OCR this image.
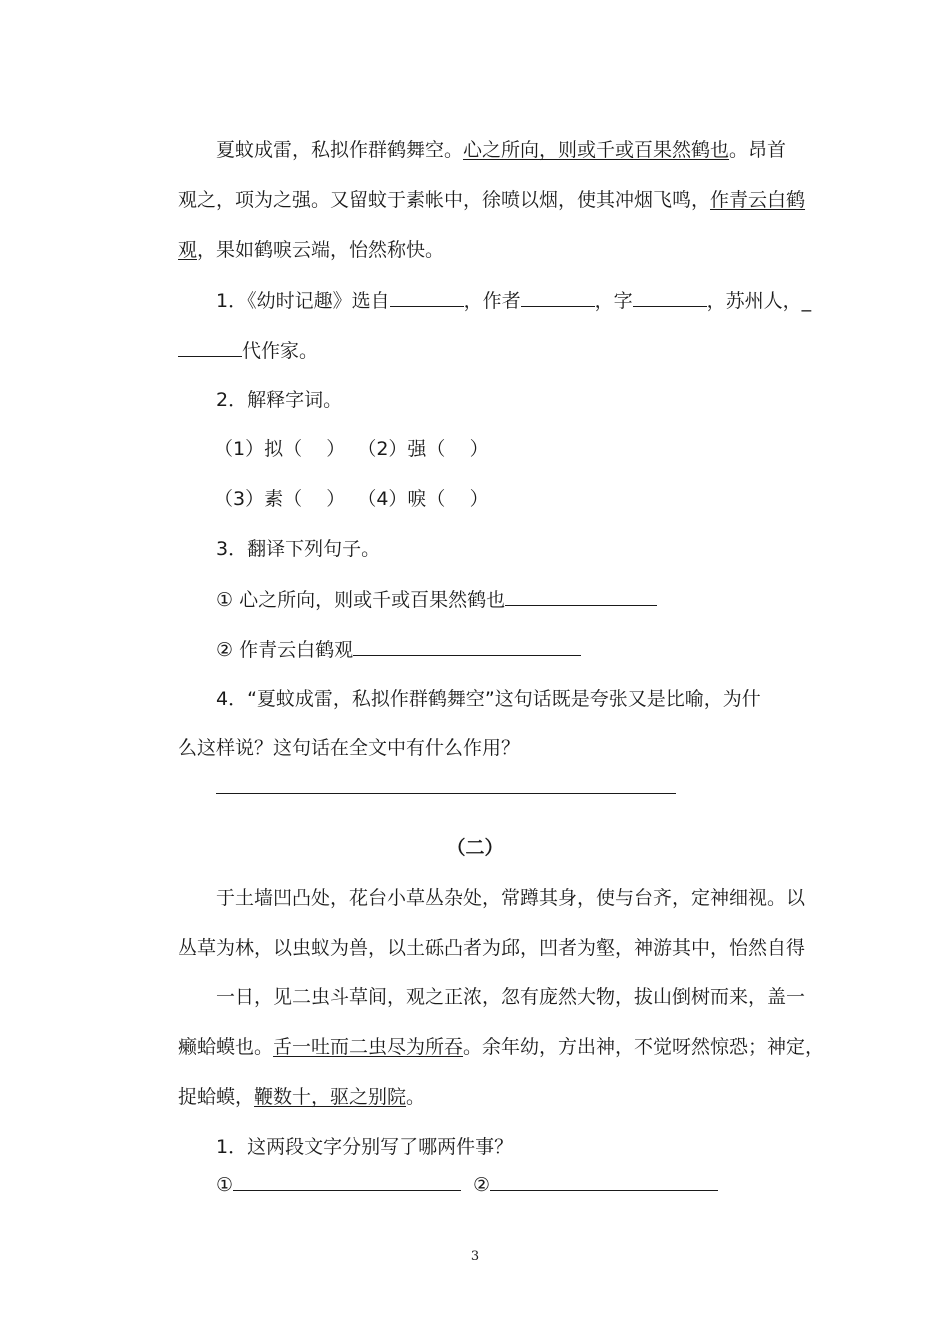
夏蚊成雷，私拟作群鹤舞空。心之所向，则或千或百果然鹤也。昂首
观之，项为之强。又留蚊于素帐中，徐喷以烟，使其冲烟飞鸣，作青云白鹤
观，果如鹤唳云端，怡然称快。
1．《幼时记趣》选自	，作者	，字	，苏州人，_
代作家。
2．解释字词。
（1）拟（    ）  （2）强（    ）
（3）素（    ）  （4）唳（    ）
3．翻译下列句子。
① 心之所向，则或千或百果然鹤也
② 作青云白鹤观
4．“夏蚊成雷，私拟作群鹤舞空”这句话既是夸张又是比喻，为什
么这样说？这句话在全文中有什么作用？
（二）
于土墙凹凸处，花台小草丛杂处，常蹲其身，使与台齐，定神细视。以
丛草为林，以虫蚁为兽，以土砾凸者为邱，凹者为壑，神游其中，怡然自得
一日，见二虫斗草间，观之正浓，忽有庞然大物，拔山倒树而来，盖一
癞蛤蟆也。舌一吐而二虫尽为所吞。余年幼，方出神，不觉呀然惊恐；神定，
捉蛤蟆，鞭数十，驱之别院。
1．这两段文字分别写了哪两件事？
①	②
3
